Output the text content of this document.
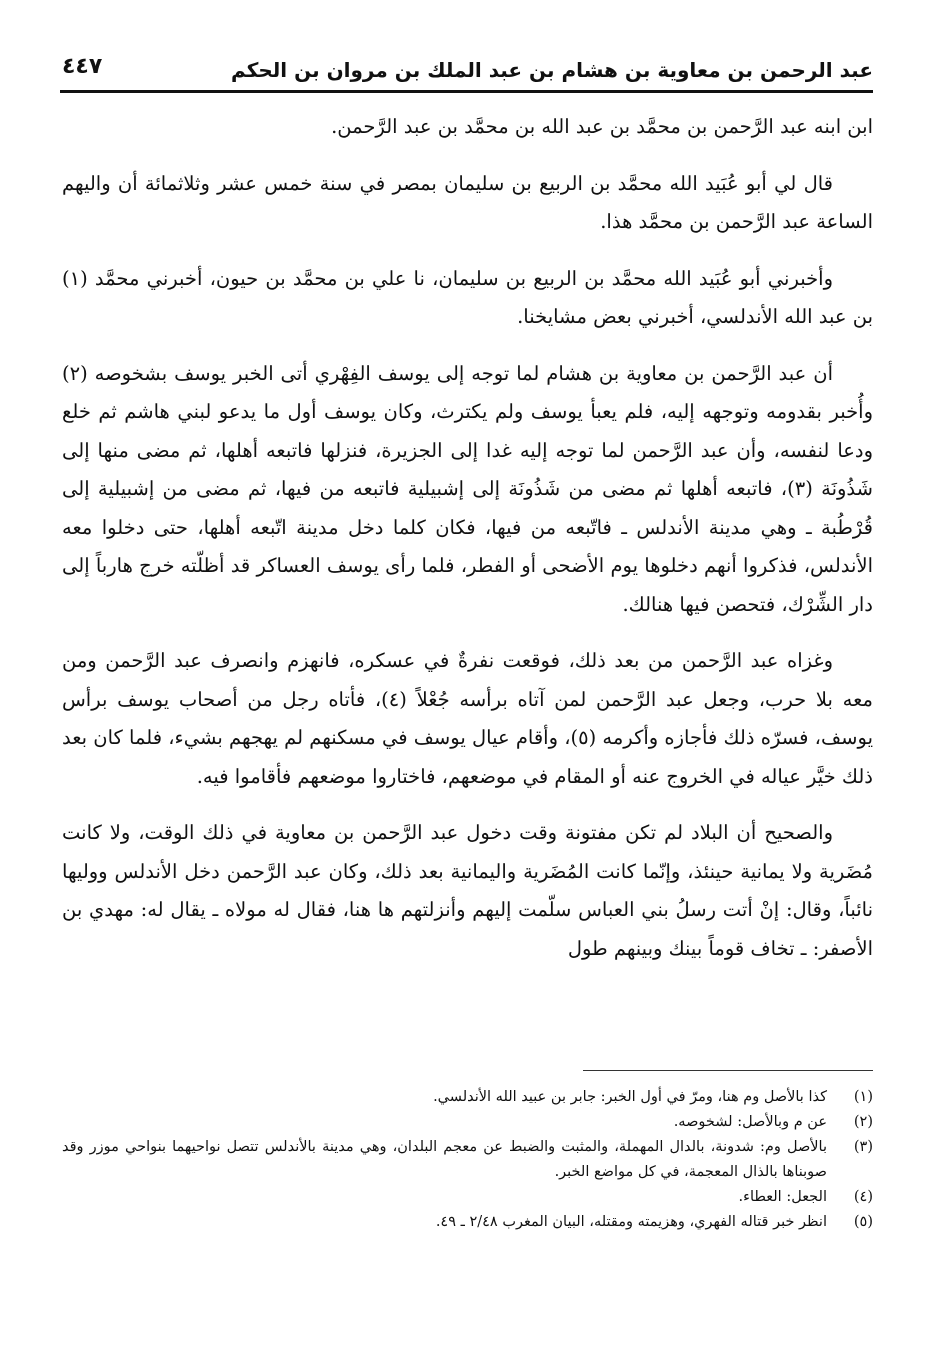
عبد الرحمن بن معاوية بن هشام بن عبد الملك بن مروان بن الحكم
٤٤٧

ابن ابنه عبد الرَّحمن بن محمَّد بن عبد الله بن محمَّد بن عبد الرَّحمن.

قال لي أبو عُبَيد الله محمَّد بن الربيع بن سليمان بمصر في سنة خمس عشر وثلاثمائة أن واليهم الساعة عبد الرَّحمن بن محمَّد هذا.

وأخبرني أبو عُبَيد الله محمَّد بن الربيع بن سليمان، نا علي بن محمَّد بن حيون، أخبرني محمَّد (١) بن عبد الله الأندلسي، أخبرني بعض مشايخنا.

أن عبد الرَّحمن بن معاوية بن هشام لما توجه إلى يوسف الفِهْري أتى الخبر يوسف بشخوصه (٢) وأُخبر بقدومه وتوجهه إليه، فلم يعبأ يوسف ولم يكترث، وكان يوسف أول ما يدعو لبني هاشم ثم خلع ودعا لنفسه، وأن عبد الرَّحمن لما توجه إليه غدا إلى الجزيرة، فنزلها فاتبعه أهلها، ثم مضى منها إلى شَذُونَة (٣)، فاتبعه أهلها ثم مضى من شَذُونَة إلى إشبيلية فاتبعه من فيها، ثم مضى من إشبيلية إلى قُرْطُبة ـ وهي مدينة الأندلس ـ فاتّبعه من فيها، فكان كلما دخل مدينة اتّبعه أهلها، حتى دخلوا معه الأندلس، فذكروا أنهم دخلوها يوم الأضحى أو الفطر، فلما رأى يوسف العساكر قد أظلّته خرج هارباً إلى دار الشِّرْك، فتحصن فيها هنالك.

وغزاه عبد الرَّحمن من بعد ذلك، فوقعت نفرةٌ في عسكره، فانهزم وانصرف عبد الرَّحمن ومن معه بلا حرب، وجعل عبد الرَّحمن لمن آتاه برأسه جُعْلاً (٤)، فأتاه رجل من أصحاب يوسف برأس يوسف، فسرّه ذلك فأجازه وأكرمه (٥)، وأقام عيال يوسف في مسكنهم لم يهجهم بشيء، فلما كان بعد ذلك خيَّر عياله في الخروج عنه أو المقام في موضعهم، فاختاروا موضعهم فأقاموا فيه.

والصحيح أن البلاد لم تكن مفتونة وقت دخول عبد الرَّحمن بن معاوية في ذلك الوقت، ولا كانت مُضَرية ولا يمانية حينئذ، وإنّما كانت المُضَرية واليمانية بعد ذلك، وكان عبد الرَّحمن دخل الأندلس ووليها نائباً، وقال: إنْ أتت رسلُ بني العباس سلّمت إليهم وأنزلتهم ها هنا، فقال له مولاه ـ يقال له: مهدي بن الأصفر: ـ تخاف قوماً بينك وبينهم طول

(١)
كذا بالأصل وم هنا، ومرّ في أول الخبر: جابر بن عبيد الله الأندلسي.
(٢)
عن م وبالأصل: لشخوصه.
(٣)
بالأصل وم: شدونة، بالدال المهملة، والمثبت والضبط عن معجم البلدان، وهي مدينة بالأندلس تتصل نواحيهما بنواحي موزر وقد صوبناها بالذال المعجمة، في كل مواضع الخبر.
(٤)
الجعل: العطاء.
(٥)
انظر خبر قتاله الفهري، وهزيمته ومقتله، البيان المغرب ٢/٤٨ ـ ٤٩.
